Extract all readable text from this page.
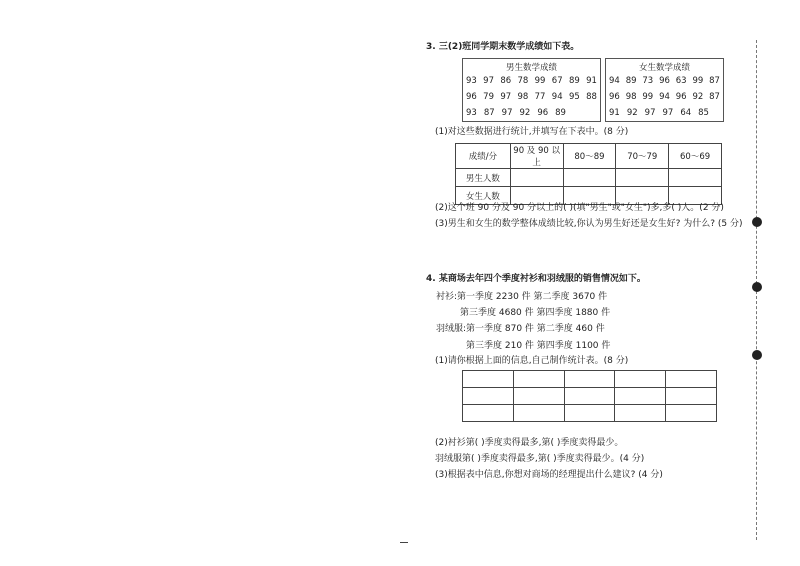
3. 三(2)班同学期末数学成绩如下表。
男生数学成绩
93 97 86 78 99 67 89 91
96 79 97 98 77 94 95 88
93 87 97 92 96 89
女生数学成绩
94 89 73 96 63 99 87
96 98 99 94 96 92 87
91 92 97 97 64 85
(1)对这些数据进行统计,并填写在下表中。(8 分)
成绩/分	90 及 90 以上	80～89	70～79	60～69
男生人数				
女生人数				
(2)这个班 90 分及 90 分以上的( )(填"男生"或"女生")多,多( )人。(2 分)
(3)男生和女生的数学整体成绩比较,你认为男生好还是女生好? 为什么? (5 分)
4. 某商场去年四个季度衬衫和羽绒服的销售情况如下。
衬衫:第一季度 2230 件 第二季度 3670 件
第三季度 4680 件 第四季度 1880 件
羽绒服:第一季度 870 件 第二季度 460 件
第三季度 210 件 第四季度 1100 件
(1)请你根据上面的信息,自己制作统计表。(8 分)

(2)衬衫第( )季度卖得最多,第( )季度卖得最少。
羽绒服第( )季度卖得最多,第( )季度卖得最少。(4 分)
(3)根据表中信息,你想对商场的经理提出什么建议? (4 分)
